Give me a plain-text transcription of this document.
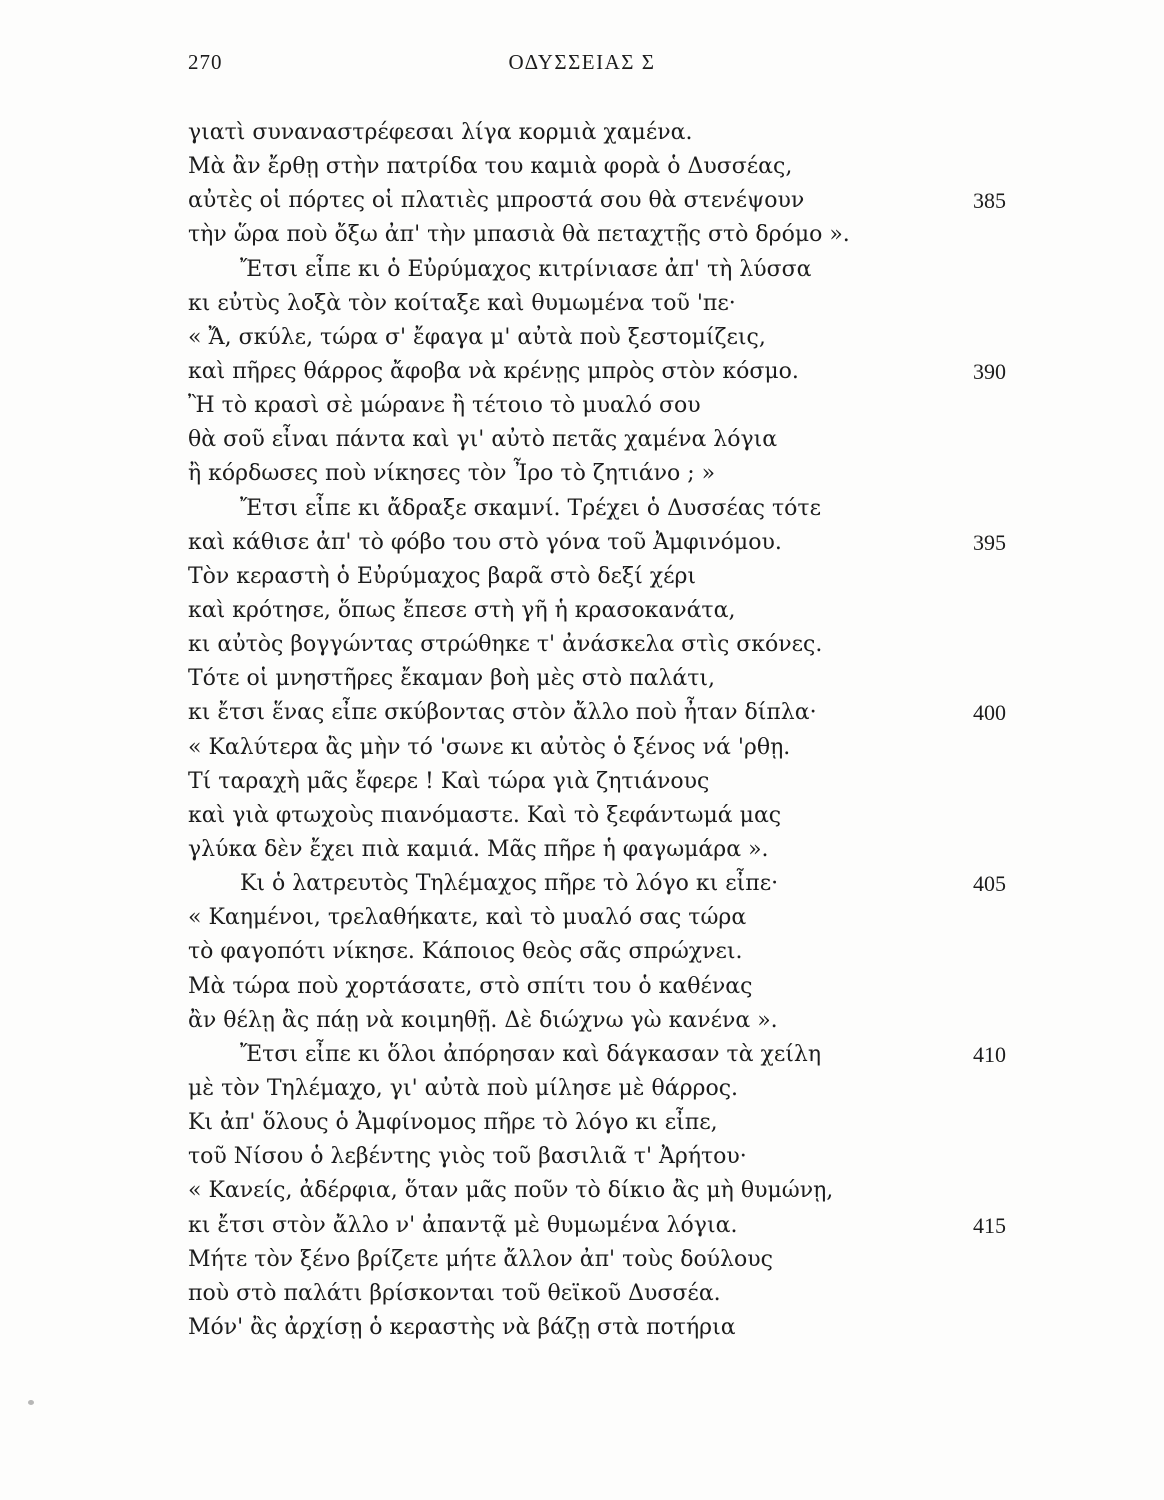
270	ΟΔΥΣΣΕΙΑΣ Σ
γιατὶ συναναστρέφεσαι λίγα κορμιὰ χαμένα.
Μὰ ἂν ἔρθῃ στὴν πατρίδα του καμιὰ φορὰ ὁ Δυσσέας,
αὐτὲς οἱ πόρτες οἱ πλατιὲς μπροστά σου θὰ στενέψουν	385
τὴν ὥρα ποὺ ὄξω ἀπ' τὴν μπασιὰ θὰ πεταχτῇς στὸ δρόμο ».
Ἔτσι εἶπε κι ὁ Εὐρύμαχος κιτρίνιασε ἀπ' τὴ λύσσα
κι εὐτὺς λοξὰ τὸν κοίταξε καὶ θυμωμένα τοῦ 'πε·
« Ἄ, σκύλε, τώρα σ' ἔφαγα μ' αὐτὰ ποὺ ξεστομίζεις,
καὶ πῆρες θάρρος ἄφοβα νὰ κρένῃς μπρὸς στὸν κόσμο.	390
Ἢ τὸ κρασὶ σὲ μώρανε ἢ τέτοιο τὸ μυαλό σου
θὰ σοῦ εἶναι πάντα καὶ γι' αὐτὸ πετᾶς χαμένα λόγια
ἢ κόρδωσες ποὺ νίκησες τὸν Ἶρο τὸ ζητιάνο ; »
Ἔτσι εἶπε κι ἄδραξε σκαμνί. Τρέχει ὁ Δυσσέας τότε
καὶ κάθισε ἀπ' τὸ φόβο του στὸ γόνα τοῦ Ἀμφινόμου.	395
Τὸν κεραστὴ ὁ Εὐρύμαχος βαρᾶ στὸ δεξί χέρι
καὶ κρότησε, ὅπως ἔπεσε στὴ γῆ ἡ κρασοκανάτα,
κι αὐτὸς βογγώντας στρώθηκε τ' ἀνάσκελα στὶς σκόνες.
Τότε οἱ μνηστῆρες ἔκαμαν βοὴ μὲς στὸ παλάτι,
κι ἔτσι ἕνας εἶπε σκύβοντας στὸν ἄλλο ποὺ ἦταν δίπλα·	400
« Καλύτερα ἂς μὴν τό 'σωνε κι αὐτὸς ὁ ξένος νά 'ρθῃ.
Τί ταραχὴ μᾶς ἔφερε ! Καὶ τώρα γιὰ ζητιάνους
καὶ γιὰ φτωχοὺς πιανόμαστε. Καὶ τὸ ξεφάντωμά μας
γλύκα δὲν ἔχει πιὰ καμιά. Μᾶς πῆρε ἡ φαγωμάρα ».
Κι ὁ λατρευτὸς Τηλέμαχος πῆρε τὸ λόγο κι εἶπε·	405
« Καημένοι, τρελαθήκατε, καὶ τὸ μυαλό σας τώρα
τὸ φαγοπότι νίκησε. Κάποιος θεὸς σᾶς σπρώχνει.
Μὰ τώρα ποὺ χορτάσατε, στὸ σπίτι του ὁ καθένας
ἂν θέλῃ ἂς πάῃ νὰ κοιμηθῇ. Δὲ διώχνω γὼ κανένα ».
Ἔτσι εἶπε κι ὅλοι ἀπόρησαν καὶ δάγκασαν τὰ χείλη	410
μὲ τὸν Τηλέμαχο, γι' αὐτὰ ποὺ μίλησε μὲ θάρρος.
Κι ἀπ' ὅλους ὁ Ἀμφίνομος πῆρε τὸ λόγο κι εἶπε,
τοῦ Νίσου ὁ λεβέντης γιὸς τοῦ βασιλιᾶ τ' Ἀρήτου·
« Κανείς, ἀδέρφια, ὅταν μᾶς ποῦν τὸ δίκιο ἂς μὴ θυμώνῃ,
κι ἔτσι στὸν ἄλλο ν' ἀπαντᾷ μὲ θυμωμένα λόγια.	415
Μήτε τὸν ξένο βρίζετε μήτε ἄλλον ἀπ' τοὺς δούλους
ποὺ στὸ παλάτι βρίσκονται τοῦ θεϊκοῦ Δυσσέα.
Μόν' ἂς ἀρχίσῃ ὁ κεραστὴς νὰ βάζῃ στὰ ποτήρια
